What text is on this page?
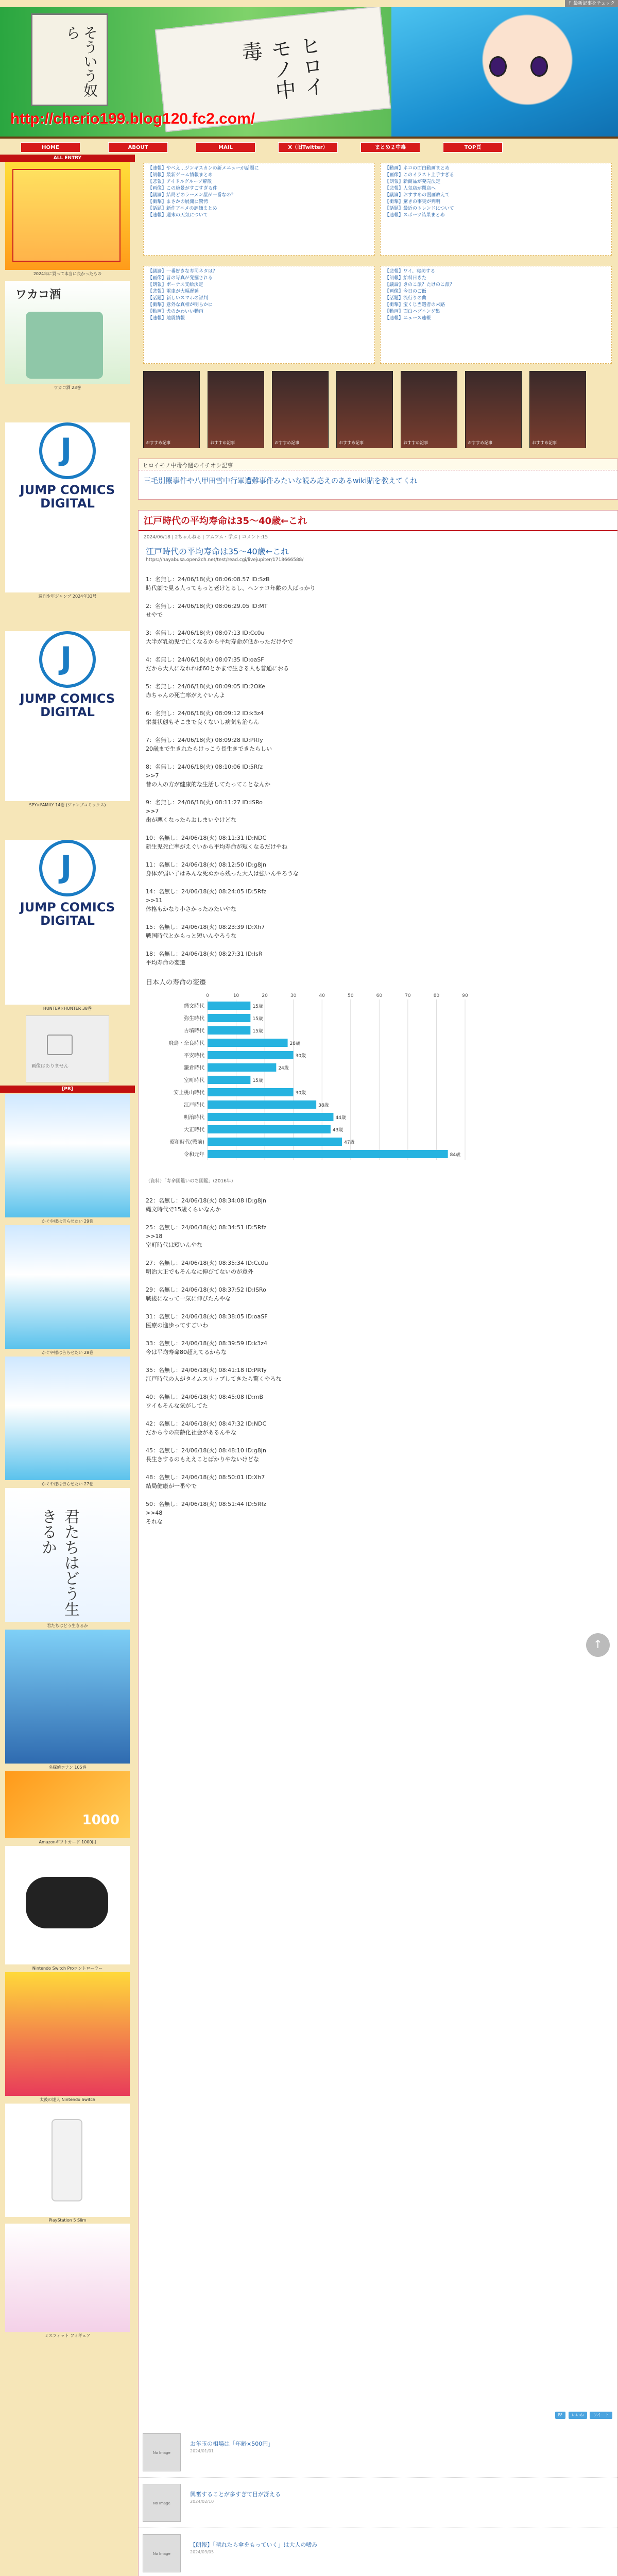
↑ 最新記事をチェック
そういう奴ら
ヒロイモノ中毒
http://cherio199.blog120.fc2.com/
HOME	ABOUT	MAIL	X（旧Twitter）	まとめ２中毒	TOP頁
ALL ENTRY
2024年に買って本当に良かったもの
ワカコ酒
ワカコ酒 23巻
J
JUMP COMICS
DIGITAL
週刊少年ジャンプ 2024年33号
J
JUMP COMICS
DIGITAL
SPY×FAMILY 14巻 (ジャンプコミックス)
J
JUMP COMICS
DIGITAL
HUNTER×HUNTER 38巻
画像はありません
[PR]
かぐや様は告らせたい 29巻
かぐや様は告らせたい 28巻
かぐや様は告らせたい 27巻
君たちはどう生きるか
君たちはどう生きるか
名探偵コナン 105巻
1000
Amazonギフトカード 1000円
Nintendo Switch Proコントローラー
太鼓の達人 Nintendo Switch
PlayStation 5 Slim
ミスフィット フィギュア
【速報】やべえ…ジンギスカンの新メニューが話題に
【朗報】最新ゲーム情報まとめ
【悲報】アイドルグループ解散
【画像】この絶景がすごすぎる件
【議論】結局どのラーメン屋が一番なの？
【衝撃】まさかの展開に驚愕
【話題】新作アニメの評価まとめ
【速報】週末の天気について
【動画】ネコの面白動画まとめ
【画像】このイラスト上手すぎる
【朗報】新商品が発売決定
【悲報】人気店が閉店へ
【議論】おすすめの漫画教えて
【衝撃】驚きの事実が判明
【話題】最近のトレンドについて
【速報】スポーツ結果まとめ
【議論】一番好きな寿司ネタは？
【画像】昔の写真が発掘される
【朗報】ボーナス支給決定
【悲報】電車が大幅遅延
【話題】新しいスマホの評判
【衝撃】意外な真相が明らかに
【動画】犬のかわいい動画
【速報】地震情報
【悲報】ワイ、寝坊する
【朗報】給料日きた
【議論】きのこ派？たけのこ派？
【画像】今日のご飯
【話題】流行りの曲
【衝撃】宝くじ当選者の末路
【動画】面白ハプニング集
【速報】ニュース速報
おすすめ記事	おすすめ記事	おすすめ記事	おすすめ記事	おすすめ記事	おすすめ記事	おすすめ記事
ヒロイモノ中毒今週のイチオシ記事
三毛別羆事件や八甲田雪中行軍遭難事件みたいな読み応えのあるwiki貼を教えてくれ
江戸時代の平均寿命は35〜40歳←これ
2024/06/18 | 2ちゃんねる | フムフム・学ぶ | コメント:15
江戸時代の平均寿命は35〜40歳←これ
https://hayabusa.open2ch.net/test/read.cgi/livejupiter/1718666588/
1：名無し：24/06/18(火) 08:06:08.57 ID:SzB
時代劇で見る人ってもっと老けとるし、ヘンテコ年齢の人ばっかり
2：名無し：24/06/18(火) 08:06:29.05 ID:MT
せやで
3：名無し：24/06/18(火) 08:07:13 ID:Cc0u
大半が乳幼児で亡くなるから平均寿命が低かっただけやで
4：名無し：24/06/18(火) 08:07:35 ID:oaSF
だから大人になれれば60とかまで生きる人も普通におる
5：名無し：24/06/18(火) 08:09:05 ID:2OKe
赤ちゃんの死亡率がえぐいんよ
6：名無し：24/06/18(火) 08:09:12 ID:k3z4
栄養状態もそこまで良くないし病気も治らん
7：名無し：24/06/18(火) 08:09:28 ID:PRTy
20歳まで生きれたらけっこう長生きできたらしい
8：名無し：24/06/18(火) 08:10:06 ID:5Rfz
>>7
昔の人の方が健康的な生活してたってことなんか
9：名無し：24/06/18(火) 08:11:27 ID:ISRo
>>7
歯が悪くなったらおしまいやけどな
10：名無し：24/06/18(火) 08:11:31 ID:NDC
新生児死亡率がえぐいから平均寿命が短くなるだけやね
11：名無し：24/06/18(火) 08:12:50 ID:g8Jn
身体が弱い子はみんな死ぬから残った大人は強いんやろうな
14：名無し：24/06/18(火) 08:24:05 ID:5Rfz
>>11
体格もかなり小さかったみたいやな
15：名無し：24/06/18(火) 08:23:39 ID:Xh7
戦国時代とかもっと短いんやろうな
18：名無し：24/06/18(火) 08:27:31 ID:IsR
平均寿命の変遷
日本人の寿命の変遷
0	10	20	30	40	50	60	70	80	90
縄文時代	15歳
弥生時代	15歳
古墳時代	15歳
飛鳥・奈良時代	28歳
平安時代	30歳
鎌倉時代	24歳
室町時代	15歳
安土桃山時代	30歳
江戸時代	38歳
明治時代	44歳
大正時代	43歳
昭和時代(戦前)	47歳
令和元年	84歳
（資料）「寿命図鑑いのち図鑑」(2016年)
22：名無し：24/06/18(火) 08:34:08 ID:g8Jn
縄文時代で15歳くらいなんか
25：名無し：24/06/18(火) 08:34:51 ID:5Rfz
>>18
室町時代は短いんやな
27：名無し：24/06/18(火) 08:35:34 ID:Cc0u
明治大正でもそんなに伸びてないのが意外
29：名無し：24/06/18(火) 08:37:52 ID:ISRo
戦後になって一気に伸びたんやな
31：名無し：24/06/18(火) 08:38:05 ID:oaSF
医療の進歩ってすごいわ
33：名無し：24/06/18(火) 08:39:59 ID:k3z4
今は平均寿命80超えてるからな
35：名無し：24/06/18(火) 08:41:18 ID:PRTy
江戸時代の人がタイムスリップしてきたら驚くやろな
40：名無し：24/06/18(火) 08:45:08 ID:mB
ワイもそんな気がしてた
42：名無し：24/06/18(火) 08:47:32 ID:NDC
だから今の高齢化社会があるんやな
45：名無し：24/06/18(火) 08:48:10 ID:g8Jn
長生きするのもええことばかりやないけどな
48：名無し：24/06/18(火) 08:50:01 ID:Xh7
結局健康が一番やで
50：名無し：24/06/18(火) 08:51:44 ID:5Rfz
>>48
それな
B! いいね ツイート
No Image
お年玉の相場は「年齢×500円」
2024/01/01
No Image
興奮することが多すぎて目が冴える
2024/02/10
No Image
【朗報】「晴れたら傘をもっていく」は大人の嗜み
2024/03/05
↑
